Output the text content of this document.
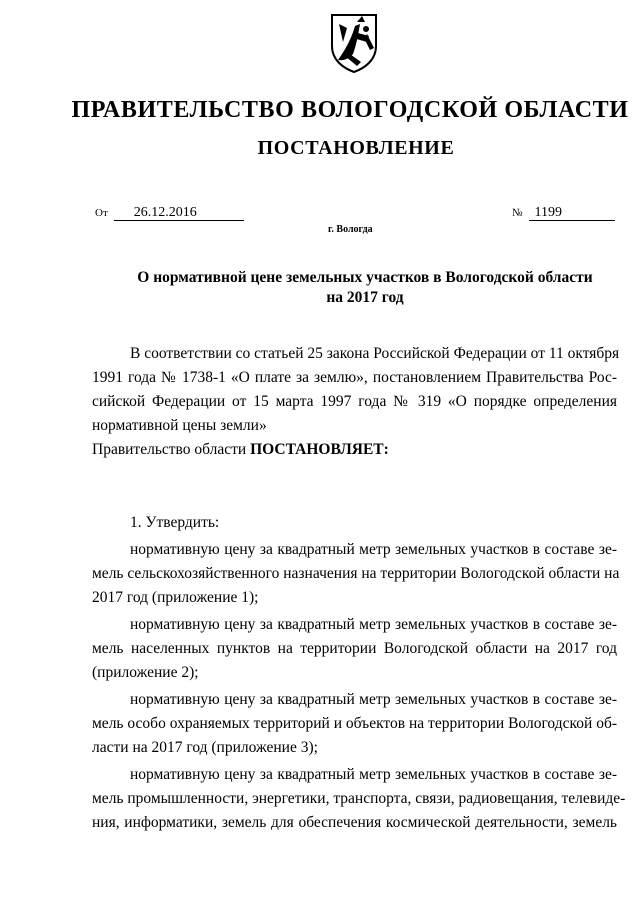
ПРАВИТЕЛЬСТВО ВОЛОГОДСКОЙ ОБЛАСТИ
ПОСТАНОВЛЕНИЕ
От 26.12.2016	№ 1199
г. Вологда
О нормативной цене земельных участков в Вологодской области
на 2017 год
В соответствии со статьей 25 закона Российской Федерации от 11 октября
1991 года № 1738-1 «О плате за землю», постановлением Правительства Рос-
сийской Федерации от 15 марта 1997 года № 319 «О порядке определения
нормативной цены земли»
Правительство области ПОСТАНОВЛЯЕТ:
1. Утвердить:
нормативную цену за квадратный метр земельных участков в составе зе-
мель сельскохозяйственного назначения на территории Вологодской области на
2017 год (приложение 1);
нормативную цену за квадратный метр земельных участков в составе зе-
мель населенных пунктов на территории Вологодской области на 2017 год
(приложение 2);
нормативную цену за квадратный метр земельных участков в составе зе-
мель особо охраняемых территорий и объектов на территории Вологодской об-
ласти на 2017 год (приложение 3);
нормативную цену за квадратный метр земельных участков в составе зе-
мель промышленности, энергетики, транспорта, связи, радиовещания, телевиде-
ния, информатики, земель для обеспечения космической деятельности, земель
